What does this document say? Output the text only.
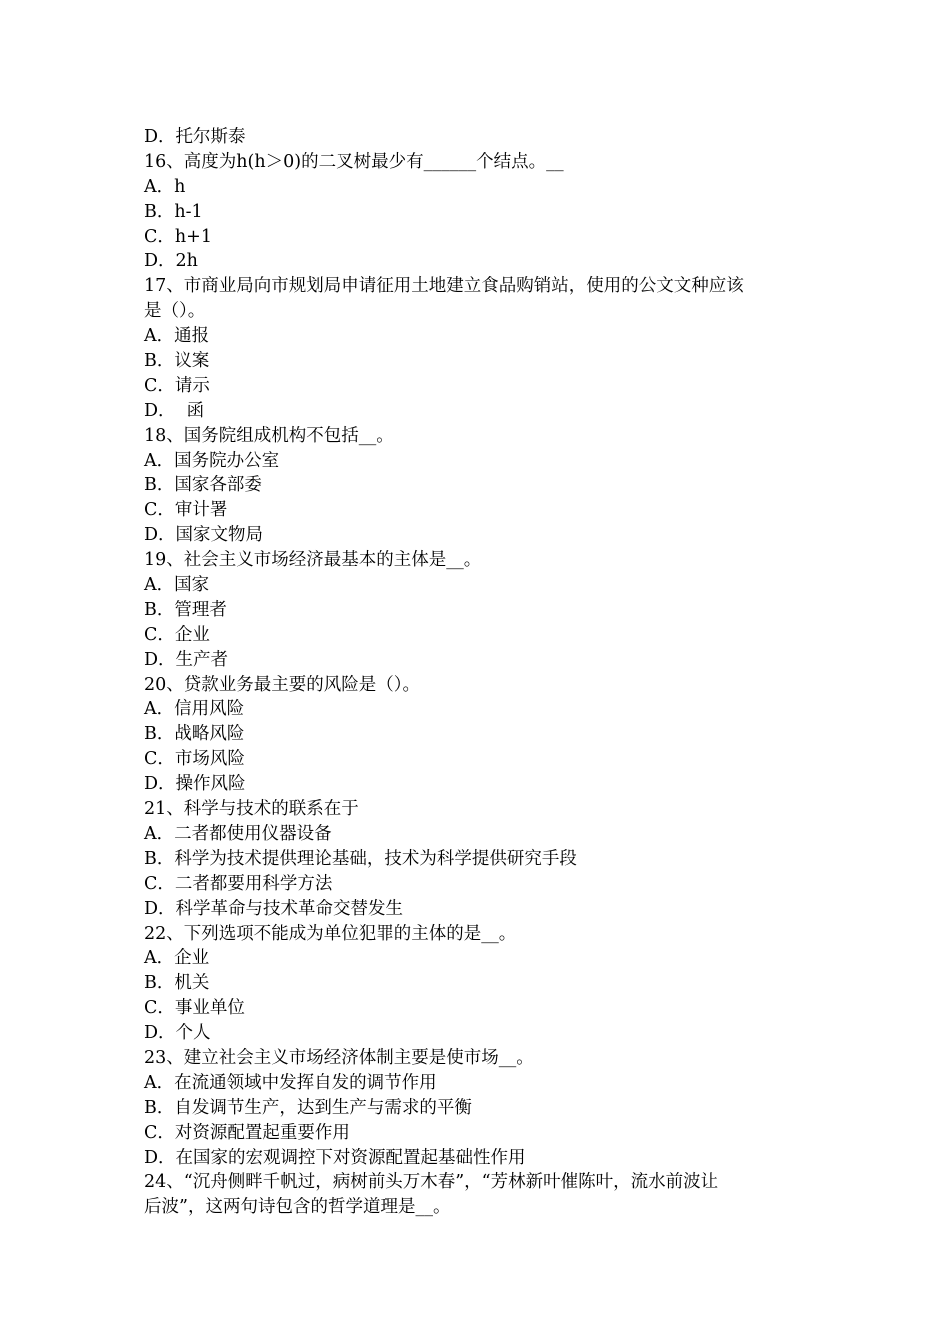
D．托尔斯泰
16、高度为h(h＞0)的二叉树最少有______个结点。__
A．h
B．h-1
C．h+1
D．2h
17、市商业局向市规划局申请征用土地建立食品购销站，使用的公文文种应该
是（）。
A．通报
B．议案
C．请示
D．  函
18、国务院组成机构不包括__。
A．国务院办公室
B．国家各部委
C．审计署
D．国家文物局
19、社会主义市场经济最基本的主体是__。
A．国家
B．管理者
C．企业
D．生产者
20、贷款业务最主要的风险是（）。
A．信用风险
B．战略风险
C．市场风险
D．操作风险
21、科学与技术的联系在于
A．二者都使用仪器设备
B．科学为技术提供理论基础，技术为科学提供研究手段
C．二者都要用科学方法
D．科学革命与技术革命交替发生
22、下列选项不能成为单位犯罪的主体的是__。
A．企业
B．机关
C．事业单位
D．个人
23、建立社会主义市场经济体制主要是使市场__。
A．在流通领域中发挥自发的调节作用
B．自发调节生产，达到生产与需求的平衡
C．对资源配置起重要作用
D．在国家的宏观调控下对资源配置起基础性作用
24、“沉舟侧畔千帆过，病树前头万木春”，“芳林新叶催陈叶，流水前波让
后波”，这两句诗包含的哲学道理是__。
